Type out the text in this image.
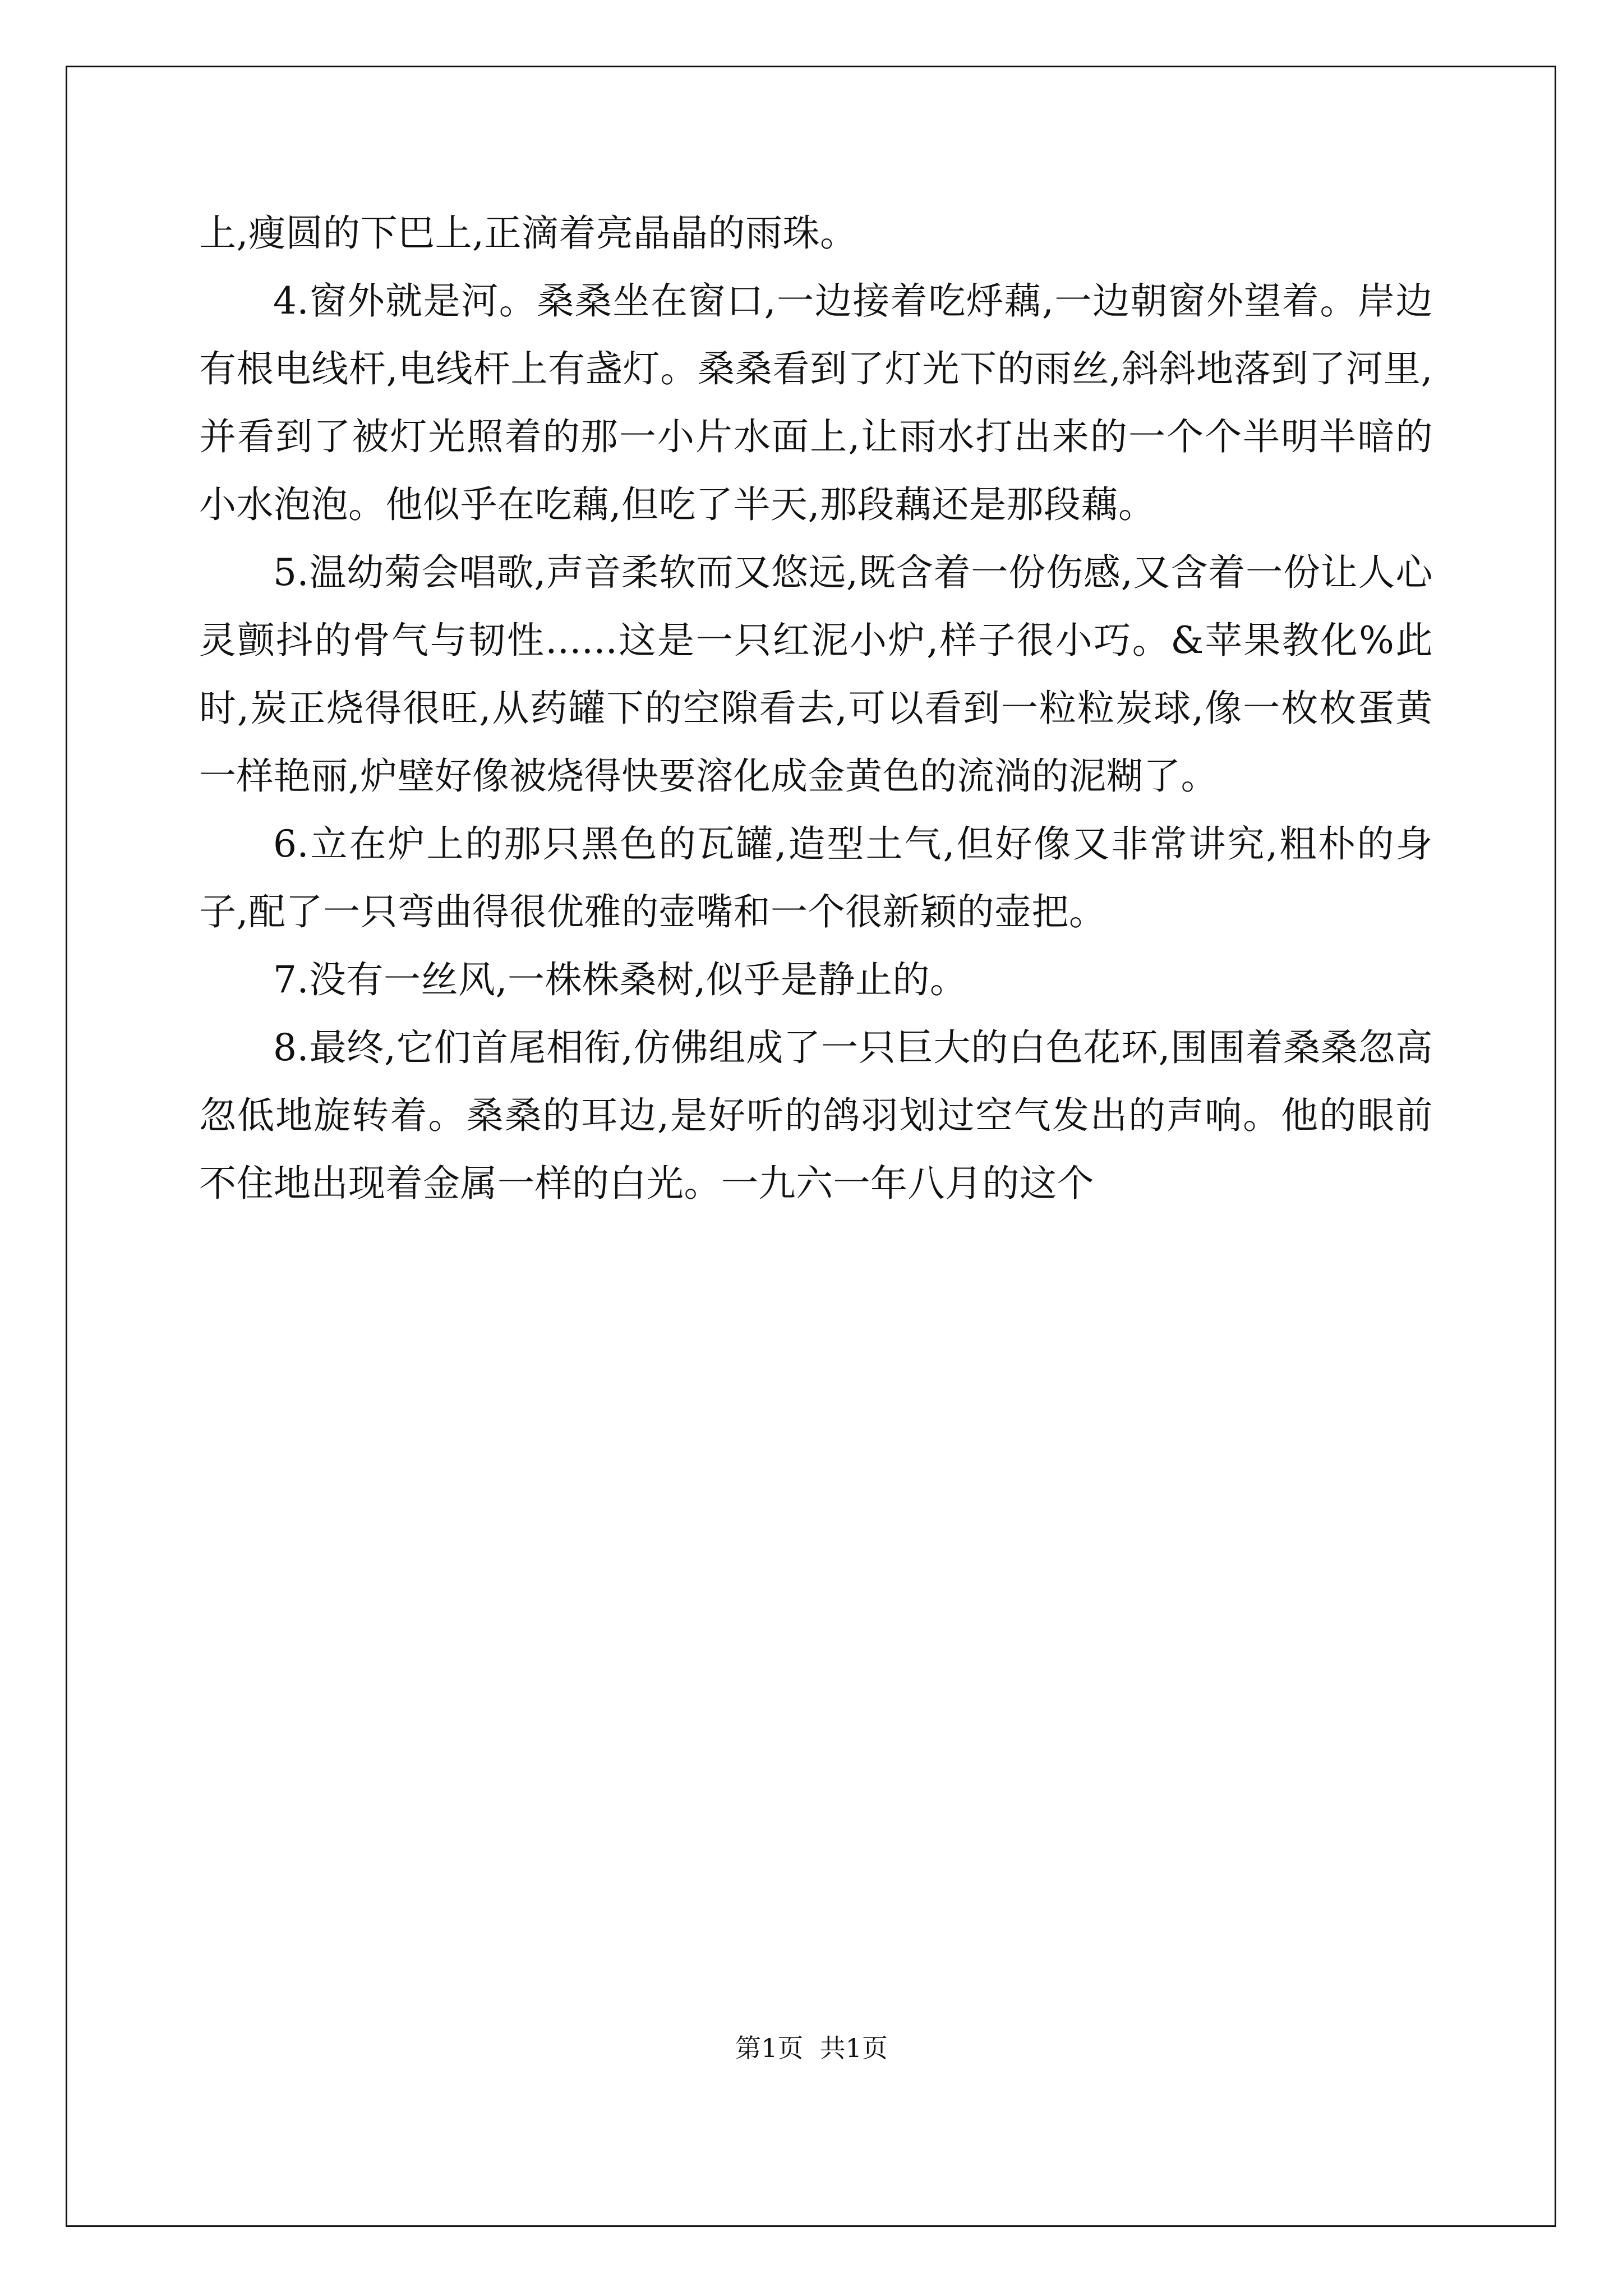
上,瘦圆的下巴上,正滴着亮晶晶的雨珠。

4.窗外就是河。桑桑坐在窗口,一边接着吃烀藕,一边朝窗外望着。岸边有根电线杆,电线杆上有盏灯。桑桑看到了灯光下的雨丝,斜斜地落到了河里,并看到了被灯光照着的那一小片水面上,让雨水打出来的一个个半明半暗的小水泡泡。他似乎在吃藕,但吃了半天,那段藕还是那段藕。

5.温幼菊会唱歌,声音柔软而又悠远,既含着一份伤感,又含着一份让人心灵颤抖的骨气与韧性......这是一只红泥小炉,样子很小巧。&苹果教化%此时,炭正烧得很旺,从药罐下的空隙看去,可以看到一粒粒炭球,像一枚枚蛋黄一样艳丽,炉壁好像被烧得快要溶化成金黄色的流淌的泥糊了。

6.立在炉上的那只黑色的瓦罐,造型土气,但好像又非常讲究,粗朴的身子,配了一只弯曲得很优雅的壶嘴和一个很新颖的壶把。

7.没有一丝风,一株株桑树,似乎是静止的。

8.最终,它们首尾相衔,仿佛组成了一只巨大的白色花环,围围着桑桑忽高忽低地旋转着。桑桑的耳边,是好听的鸽羽划过空气发出的声响。他的眼前不住地出现着金属一样的白光。一九六一年八月的这个

第1页  共1页
